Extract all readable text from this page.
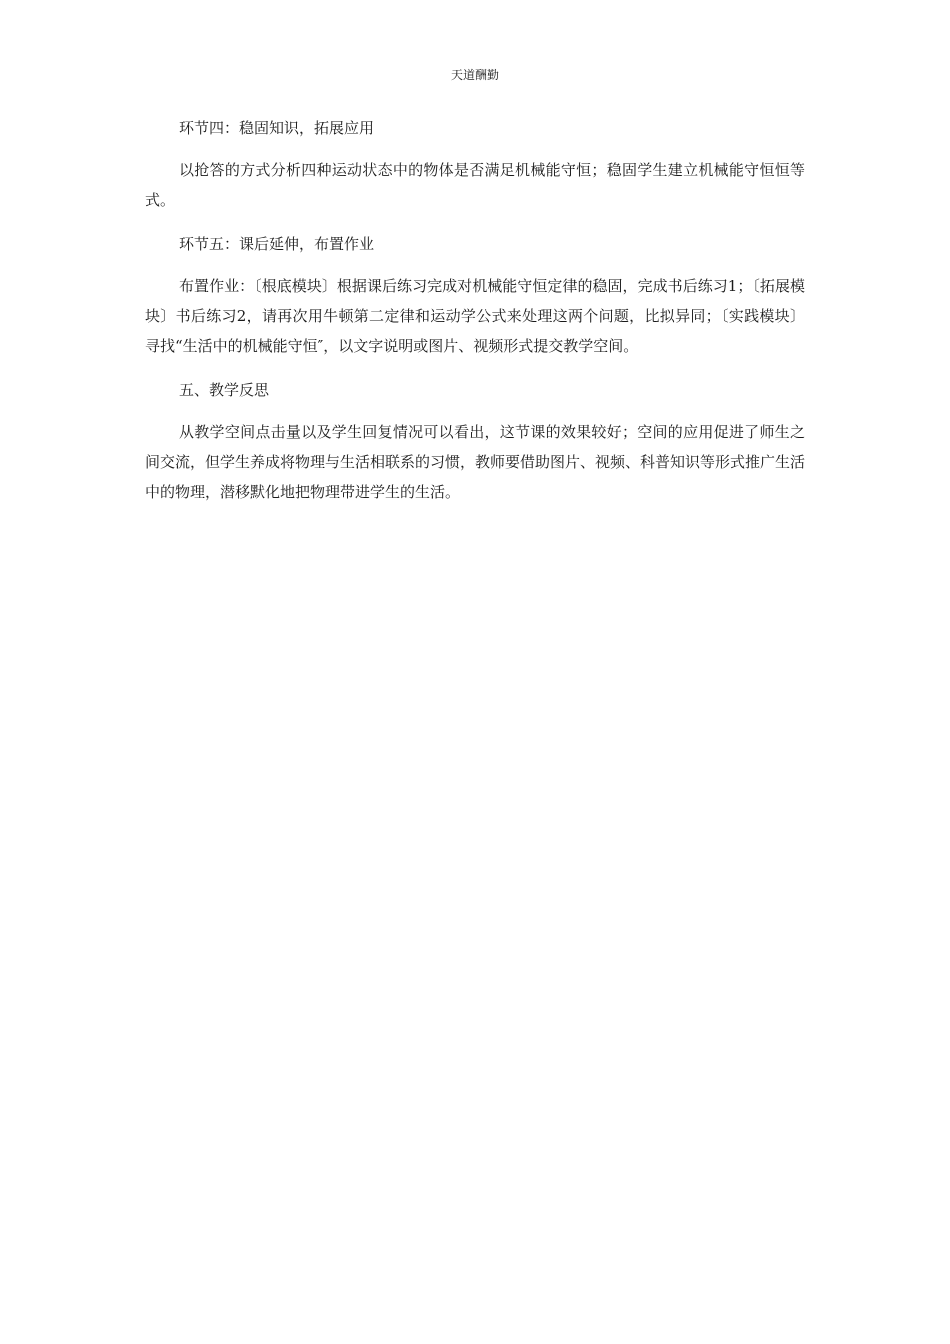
天道酬勤

环节四：稳固知识，拓展应用

以抢答的方式分析四种运动状态中的物体是否满足机械能守恒；稳固学生建立机械能守恒恒等式。

环节五：课后延伸，布置作业

布置作业：〔根底模块〕根据课后练习完成对机械能守恒定律的稳固，完成书后练习1；〔拓展模块〕书后练习2，请再次用牛顿第二定律和运动学公式来处理这两个问题，比拟异同；〔实践模块〕寻找“生活中的机械能守恒″，以文字说明或图片、视频形式提交教学空间。

五、教学反思

从教学空间点击量以及学生回复情况可以看出，这节课的效果较好；空间的应用促进了师生之间交流，但学生养成将物理与生活相联系的习惯，教师要借助图片、视频、科普知识等形式推广生活中的物理，潜移默化地把物理带进学生的生活。
